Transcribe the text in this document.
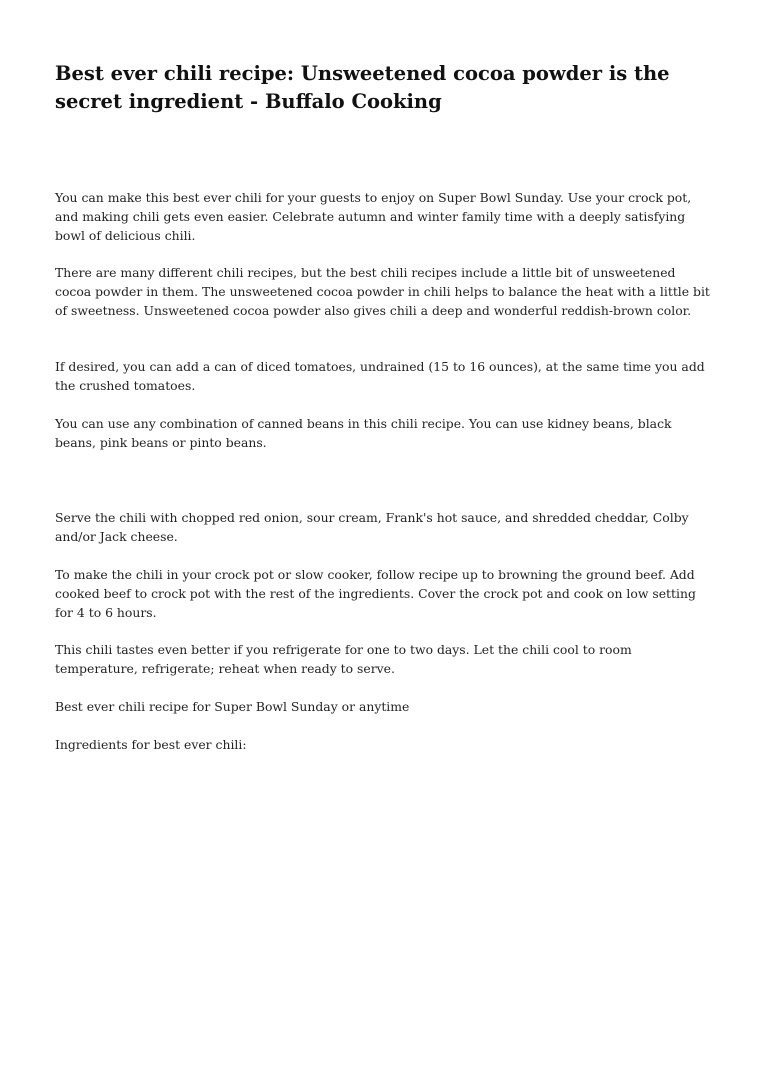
Best ever chili recipe: Unsweetened cocoa powder is the secret ingredient - Buffalo Cooking

You can make this best ever chili for your guests to enjoy on Super Bowl Sunday. Use your crock pot, and making chili gets even easier. Celebrate autumn and winter family time with a deeply satisfying bowl of delicious chili.

There are many different chili recipes, but the best chili recipes include a little bit of unsweetened cocoa powder in them. The unsweetened cocoa powder in chili helps to balance the heat with a little bit of sweetness. Unsweetened cocoa powder also gives chili a deep and wonderful reddish-brown color.

If desired, you can add a can of diced tomatoes, undrained (15 to 16 ounces), at the same time you add the crushed tomatoes.

You can use any combination of canned beans in this chili recipe. You can use kidney beans, black beans, pink beans or pinto beans.

Serve the chili with chopped red onion, sour cream, Frank's hot sauce, and shredded cheddar, Colby and/or Jack cheese.

To make the chili in your crock pot or slow cooker, follow recipe up to browning the ground beef. Add cooked beef to crock pot with the rest of the ingredients. Cover the crock pot and cook on low setting for 4 to 6 hours.

This chili tastes even better if you refrigerate for one to two days. Let the chili cool to room temperature, refrigerate; reheat when ready to serve.

Best ever chili recipe for Super Bowl Sunday or anytime

Ingredients for best ever chili:
